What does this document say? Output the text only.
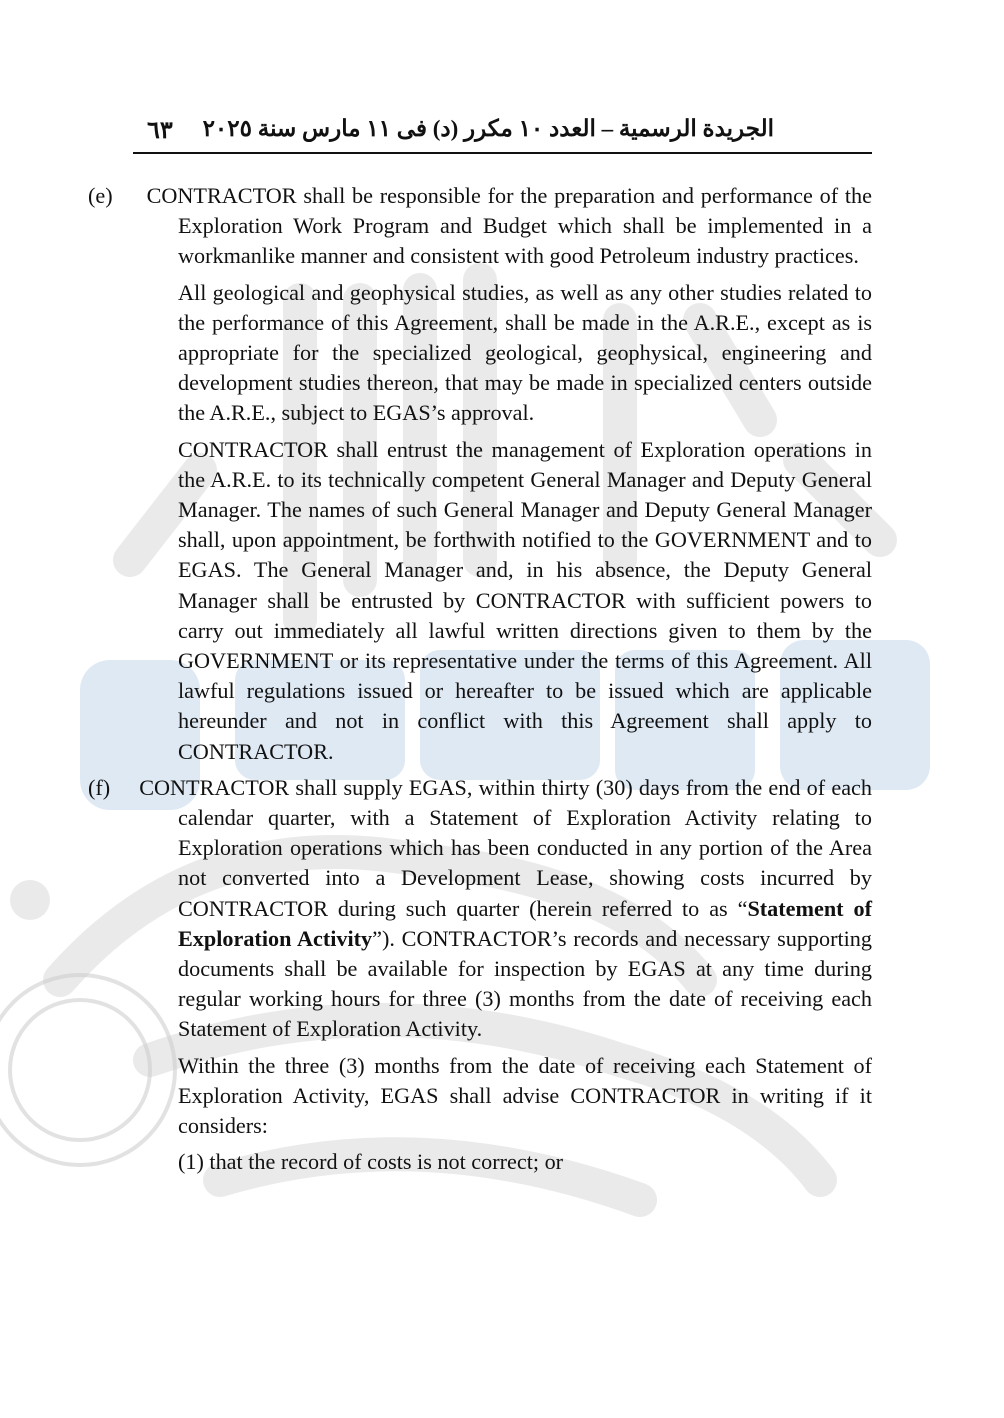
٦٣ الجريدة الرسمية – العدد ١٠ مكرر (د) فى ١١ مارس سنة ٢٠٢٥

(e) CONTRACTOR shall be responsible for the preparation and performance of the Exploration Work Program and Budget which shall be implemented in a workmanlike manner and consistent with good Petroleum industry practices.

All geological and geophysical studies, as well as any other studies related to the performance of this Agreement, shall be made in the A.R.E., except as is appropriate for the specialized geological, geophysical, engineering and development studies thereon, that may be made in specialized centers outside the A.R.E., subject to EGAS’s approval.

CONTRACTOR shall entrust the management of Exploration operations in the A.R.E. to its technically competent General Manager and Deputy General Manager. The names of such General Manager and Deputy General Manager shall, upon appointment, be forthwith notified to the GOVERNMENT and to EGAS. The General Manager and, in his absence, the Deputy General Manager shall be entrusted by CONTRACTOR with sufficient powers to carry out immediately all lawful written directions given to them by the GOVERNMENT or its representative under the terms of this Agreement. All lawful regulations issued or hereafter to be issued which are applicable hereunder and not in conflict with this Agreement shall apply to CONTRACTOR.

(f) CONTRACTOR shall supply EGAS, within thirty (30) days from the end of each calendar quarter, with a Statement of Exploration Activity relating to Exploration operations which has been conducted in any portion of the Area not converted into a Development Lease, showing costs incurred by CONTRACTOR during such quarter (herein referred to as “Statement of Exploration Activity”). CONTRACTOR’s records and necessary supporting documents shall be available for inspection by EGAS at any time during regular working hours for three (3) months from the date of receiving each Statement of Exploration Activity.

Within the three (3) months from the date of receiving each Statement of Exploration Activity, EGAS shall advise CONTRACTOR in writing if it considers:

(1) that the record of costs is not correct; or
